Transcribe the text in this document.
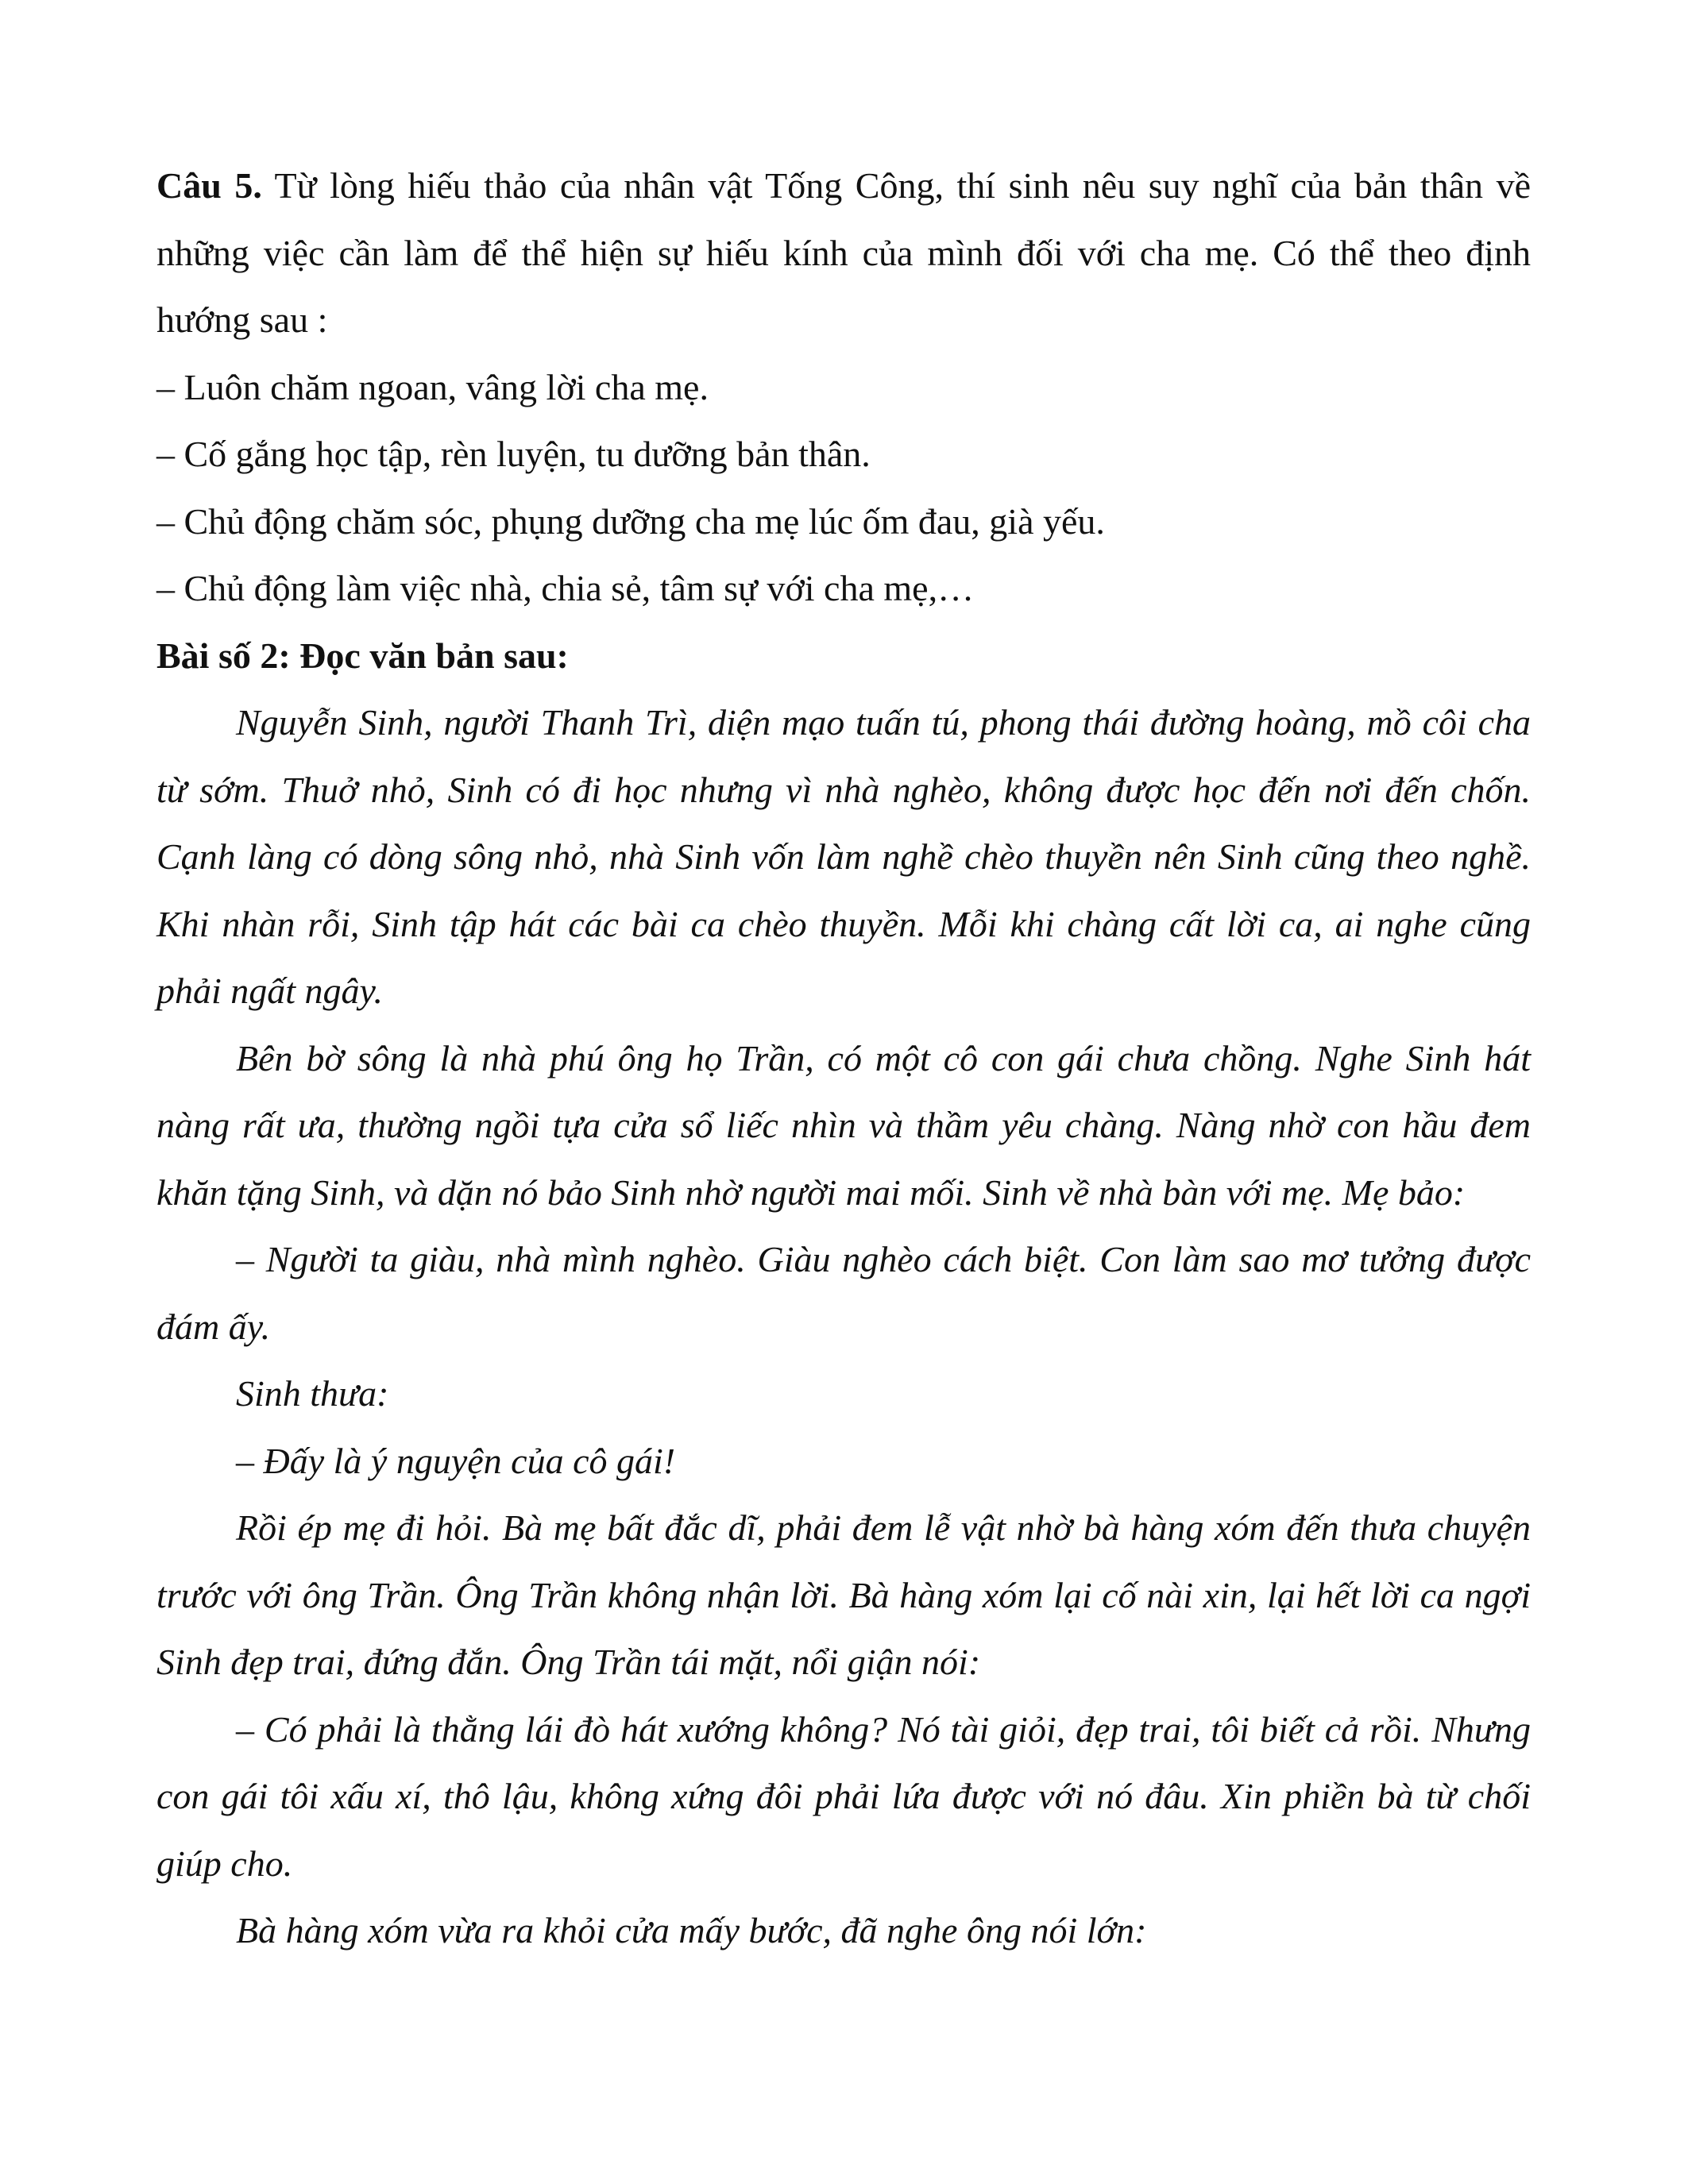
Câu 5. Từ lòng hiếu thảo của nhân vật Tống Công, thí sinh nêu suy nghĩ của bản thân về những việc cần làm để thể hiện sự hiếu kính của mình đối với cha mẹ. Có thể theo định hướng sau :

– Luôn chăm ngoan, vâng lời cha mẹ.

– Cố gắng học tập, rèn luyện, tu dưỡng bản thân.

– Chủ động chăm sóc, phụng dưỡng cha mẹ lúc ốm đau, già yếu.

– Chủ động làm việc nhà, chia sẻ, tâm sự với cha mẹ,…

Bài số 2: Đọc văn bản sau:

Nguyễn Sinh, người Thanh Trì, diện mạo tuấn tú, phong thái đường hoàng, mồ côi cha từ sớm. Thuở nhỏ, Sinh có đi học nhưng vì nhà nghèo, không được học đến nơi đến chốn. Cạnh làng có dòng sông nhỏ, nhà Sinh vốn làm nghề chèo thuyền nên Sinh cũng theo nghề. Khi nhàn rỗi, Sinh tập hát các bài ca chèo thuyền. Mỗi khi chàng cất lời ca, ai nghe cũng phải ngất ngây.

Bên bờ sông là nhà phú ông họ Trần, có một cô con gái chưa chồng. Nghe Sinh hát nàng rất ưa, thường ngồi tựa cửa sổ liếc nhìn và thầm yêu chàng. Nàng nhờ con hầu đem khăn tặng Sinh, và dặn nó bảo Sinh nhờ người mai mối. Sinh về nhà bàn với mẹ. Mẹ bảo:

– Người ta giàu, nhà mình nghèo. Giàu nghèo cách biệt. Con làm sao mơ tưởng được đám ấy.

Sinh thưa:

– Đấy là ý nguyện của cô gái!

Rồi ép mẹ đi hỏi. Bà mẹ bất đắc dĩ, phải đem lễ vật nhờ bà hàng xóm đến thưa chuyện trước với ông Trần. Ông Trần không nhận lời. Bà hàng xóm lại cố nài xin, lại hết lời ca ngợi Sinh đẹp trai, đứng đắn. Ông Trần tái mặt, nổi giận nói:

– Có phải là thằng lái đò hát xướng không? Nó tài giỏi, đẹp trai, tôi biết cả rồi. Nhưng con gái tôi xấu xí, thô lậu, không xứng đôi phải lứa được với nó đâu. Xin phiền bà từ chối giúp cho.

Bà hàng xóm vừa ra khỏi cửa mấy bước, đã nghe ông nói lớn:
